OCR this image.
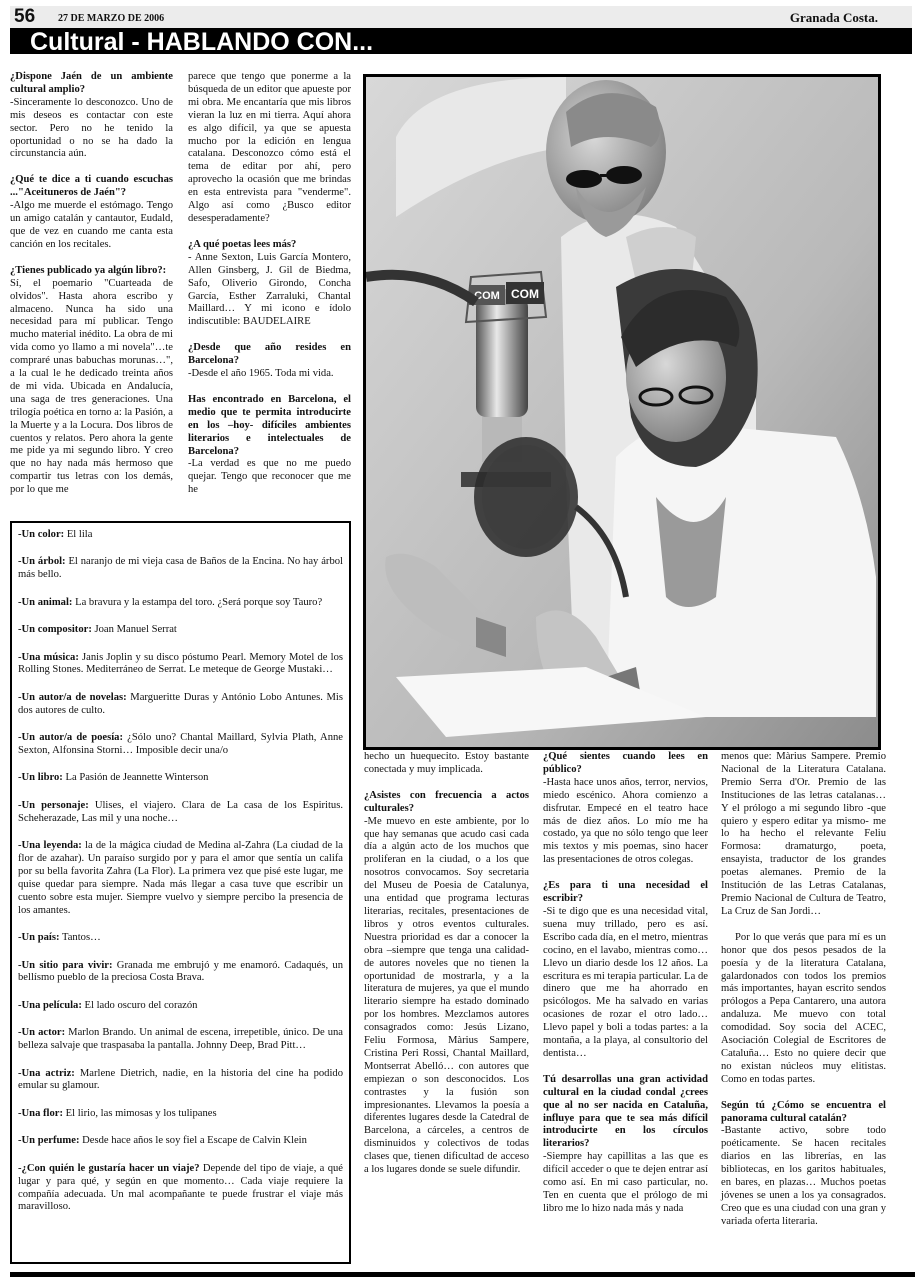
56 27 DE MARZO DE 2006	Granada Costa.
Cultural - HABLANDO CON...

¿Dispone Jaén de un ambiente cultural amplio?

-Sinceramente lo desconozco. Uno de mis deseos es contactar con este sector. Pero no he tenido la oportunidad o no se ha dado la circunstancia aún.

¿Qué te dice a ti cuando escuchas ..."Aceituneros de Jaén"?

-Algo me muerde el estómago. Tengo un amigo catalán y cantautor, Eudald, que de vez en cuando me canta esta canción en los recitales.

¿Tienes publicado ya algún libro?:

Sí, el poemario "Cuarteada de olvidos". Hasta ahora escribo y almaceno. Nunca ha sido una necesidad para mí publicar. Tengo mucho material inédito. La obra de mi vida como yo llamo a mi novela"…te compraré unas babuchas morunas…", a la cual le he dedicado treinta años de mi vida. Ubicada en Andalucía, una saga de tres generaciones. Una trilogía poética en torno a: la Pasión, a la Muerte y a la Locura. Dos libros de cuentos y relatos. Pero ahora la gente me pide ya mi segundo libro. Y creo que no hay nada más hermoso que compartir tus letras con los demás, por lo que me

parece que tengo que ponerme a la búsqueda de un editor que apueste por mi obra. Me encantaría que mis libros vieran la luz en mi tierra. Aquí ahora es algo difícil, ya que se apuesta mucho por la edición en lengua catalana. Desconozco cómo está el tema de editar por ahí, pero aprovecho la ocasión que me brindas en esta entrevista para "venderme". Algo así como ¿Busco editor desesperadamente?

¿A qué poetas lees más?

- Anne Sexton, Luis García Montero, Allen Ginsberg, J. Gil de Biedma, Safo, Oliverio Girondo, Concha García, Esther Zarraluki, Chantal Maillard… Y mi icono e ídolo indiscutible: BAUDELAIRE

¿Desde que año resides en Barcelona?

-Desde el año 1965. Toda mi vida.

Has encontrado en Barcelona, el medio que te permita introducirte en los –hoy- difíciles ambientes literarios e intelectuales de Barcelona?

-La verdad es que no me puedo quejar. Tengo que reconocer que me he

hecho un huequecito. Estoy bastante conectada y muy implicada.

¿Asistes con frecuencia a actos culturales?

-Me muevo en este ambiente, por lo que hay semanas que acudo casi cada día a algún acto de los muchos que proliferan en la ciudad, o a los que nosotros convocamos. Soy secretaria del Museu de Poesia de Catalunya, una entidad que programa lecturas literarias, recitales, presentaciones de libros y otros eventos culturales. Nuestra prioridad es dar a conocer la obra –siempre que tenga una calidad- de autores noveles que no tienen la oportunidad de mostrarla, y a la literatura de mujeres, ya que el mundo literario siempre ha estado dominado por los hombres. Mezclamos autores consagrados como: Jesús Lizano, Feliu Formosa, Màrius Sampere, Cristina Peri Rossi, Chantal Maillard, Montserrat Abelló… con autores que empiezan o son desconocidos. Los contrastes y la fusión son impresionantes. Llevamos la poesía a diferentes lugares desde la Catedral de Barcelona, a cárceles, a centros de disminuidos y colectivos de todas clases que, tienen dificultad de acceso a los lugares donde se suele difundir.

¿Qué sientes cuando lees en público?

-Hasta hace unos años, terror, nervios, miedo escénico. Ahora comienzo a disfrutar. Empecé en el teatro hace más de diez años. Lo mío me ha costado, ya que no sólo tengo que leer mis textos y mis poemas, sino hacer las presentaciones de otros colegas.

¿Es para ti una necesidad el escribir?

-Si te digo que es una necesidad vital, suena muy trillado, pero es así. Escribo cada día, en el metro, mientras cocino, en el lavabo, mientras como… Llevo un diario desde los 12 años. La escritura es mi terapia particular. La de dinero que me ha ahorrado en psicólogos. Me ha salvado en varias ocasiones de rozar el otro lado… Llevo papel y boli a todas partes: a la montaña, a la playa, al consultorio del dentista…

Tú desarrollas una gran actividad cultural en la ciudad condal ¿crees que al no ser nacida en Cataluña, influye para que te sea más difícil introducirte en los círculos literarios?

-Siempre hay capillitas a las que es difícil acceder o que te dejen entrar así como así. En mi caso particular, no. Ten en cuenta que el prólogo de mi libro me lo hizo nada más y nada

menos que: Màrius Sampere. Premio Nacional de la Literatura Catalana. Premio Serra d'Or. Premio de las Instituciones de las letras catalanas… Y el prólogo a mi segundo libro -que quiero y espero editar ya mismo- me lo ha hecho el relevante Feliu Formosa: dramaturgo, poeta, ensayista, traductor de los grandes poetas alemanes. Premio de la Institución de las Letras Catalanas, Premio Nacional de Cultura de Teatro, La Cruz de San Jordi…

Por lo que verás que para mí es un honor que dos pesos pesados de la poesía y de la literatura Catalana, galardonados con todos los premios más importantes, hayan escrito sendos prólogos a Pepa Cantarero, una autora andaluza. Me muevo con total comodidad. Soy socia del ACEC, Asociación Colegial de Escritores de Cataluña… Esto no quiere decir que no existan núcleos muy elitistas. Como en todas partes.

Según tú ¿Cómo se encuentra el panorama cultural catalán?

-Bastante activo, sobre todo poéticamente. Se hacen recitales diarios en las librerías, en las bibliotecas, en los garitos habituales, en bares, en plazas… Muchos poetas jóvenes se unen a los ya consagrados. Creo que es una ciudad con una gran y variada oferta literaria.

COM
COM

-Un color: El lila

-Un árbol: El naranjo de mi vieja casa de Baños de la Encina. No hay árbol más bello.

-Un animal: La bravura y la estampa del toro. ¿Será porque soy Tauro?

-Un compositor: Joan Manuel Serrat

-Una música: Janis Joplin y su disco póstumo Pearl. Memory Motel de los Rolling Stones. Mediterráneo de Serrat. Le meteque de George Mustaki…

-Un autor/a de novelas: Margueritte Duras y António Lobo Antunes. Mis dos autores de culto.

-Un autor/a de poesía: ¿Sólo uno? Chantal Maillard, Sylvia Plath, Anne Sexton, Alfonsina Storni… Imposible decir una/o

-Un libro: La Pasión de Jeannette Winterson

-Un personaje: Ulises, el viajero. Clara de La casa de los Espiritus. Scheherazade, Las mil y una noche…

-Una leyenda: la de la mágica ciudad de Medina al-Zahra (La ciudad de la flor de azahar). Un paraíso surgido por y para el amor que sentía un califa por su bella favorita Zahra (La Flor). La primera vez que pisé este lugar, me quise quedar para siempre. Nada más llegar a casa tuve que escribir un cuento sobre esta mujer. Siempre vuelvo y siempre percibo la presencia de los amantes.

-Un país: Tantos…

-Un sitio para vivir: Granada me embrujó y me enamoró. Cadaqués, un bellísmo pueblo de la preciosa Costa Brava.

-Una película: El lado oscuro del corazón

-Un actor: Marlon Brando. Un animal de escena, irrepetible, único. De una belleza salvaje que traspasaba la pantalla. Johnny Deep, Brad Pitt…

-Una actriz: Marlene Dietrich, nadie, en la historia del cine ha podido emular su glamour.

-Una flor: El lirio, las mimosas y los tulipanes

-Un perfume: Desde hace años le soy fiel a Escape de Calvin Klein

-¿Con quién le gustaría hacer un viaje? Depende del tipo de viaje, a qué lugar y para qué, y según en que momento… Cada viaje requiere la compañía adecuada. Un mal acompañante te puede frustrar el viaje más maravilloso.
